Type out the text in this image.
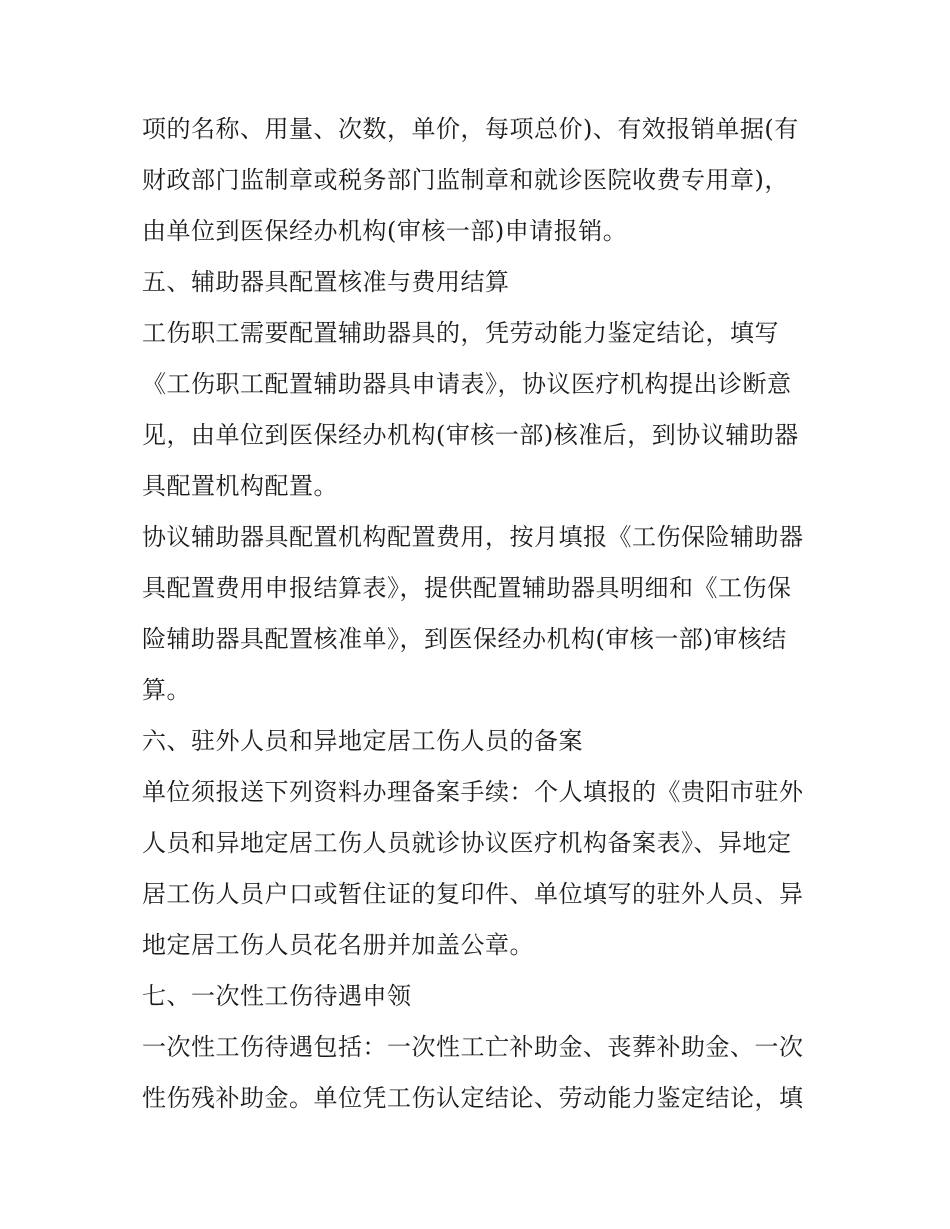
项的名称、用量、次数，单价，每项总价)、有效报销单据(有
财政部门监制章或税务部门监制章和就诊医院收费专用章)，
由单位到医保经办机构(审核一部)申请报销。
五、辅助器具配置核准与费用结算
工伤职工需要配置辅助器具的，凭劳动能力鉴定结论，填写
《工伤职工配置辅助器具申请表》，协议医疗机构提出诊断意
见，由单位到医保经办机构(审核一部)核准后，到协议辅助器
具配置机构配置。
协议辅助器具配置机构配置费用，按月填报《工伤保险辅助器
具配置费用申报结算表》，提供配置辅助器具明细和《工伤保
险辅助器具配置核准单》，到医保经办机构(审核一部)审核结
算。
六、驻外人员和异地定居工伤人员的备案
单位须报送下列资料办理备案手续：个人填报的《贵阳市驻外
人员和异地定居工伤人员就诊协议医疗机构备案表》、异地定
居工伤人员户口或暂住证的复印件、单位填写的驻外人员、异
地定居工伤人员花名册并加盖公章。
七、一次性工伤待遇申领
一次性工伤待遇包括：一次性工亡补助金、丧葬补助金、一次
性伤残补助金。单位凭工伤认定结论、劳动能力鉴定结论，填
